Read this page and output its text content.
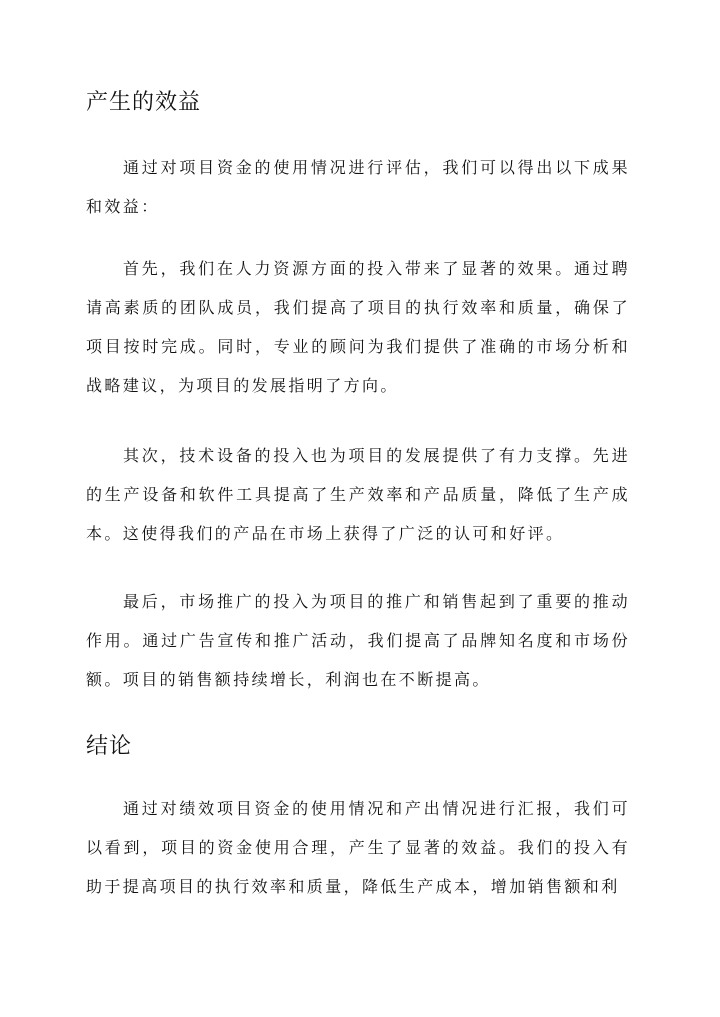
产生的效益

通过对项目资金的使用情况进行评估，我们可以得出以下成果和效益：

首先，我们在人力资源方面的投入带来了显著的效果。通过聘请高素质的团队成员，我们提高了项目的执行效率和质量，确保了项目按时完成。同时，专业的顾问为我们提供了准确的市场分析和战略建议，为项目的发展指明了方向。

其次，技术设备的投入也为项目的发展提供了有力支撑。先进的生产设备和软件工具提高了生产效率和产品质量，降低了生产成本。这使得我们的产品在市场上获得了广泛的认可和好评。

最后，市场推广的投入为项目的推广和销售起到了重要的推动作用。通过广告宣传和推广活动，我们提高了品牌知名度和市场份额。项目的销售额持续增长，利润也在不断提高。

结论

通过对绩效项目资金的使用情况和产出情况进行汇报，我们可以看到，项目的资金使用合理，产生了显著的效益。我们的投入有助于提高项目的执行效率和质量，降低生产成本，增加销售额和利
